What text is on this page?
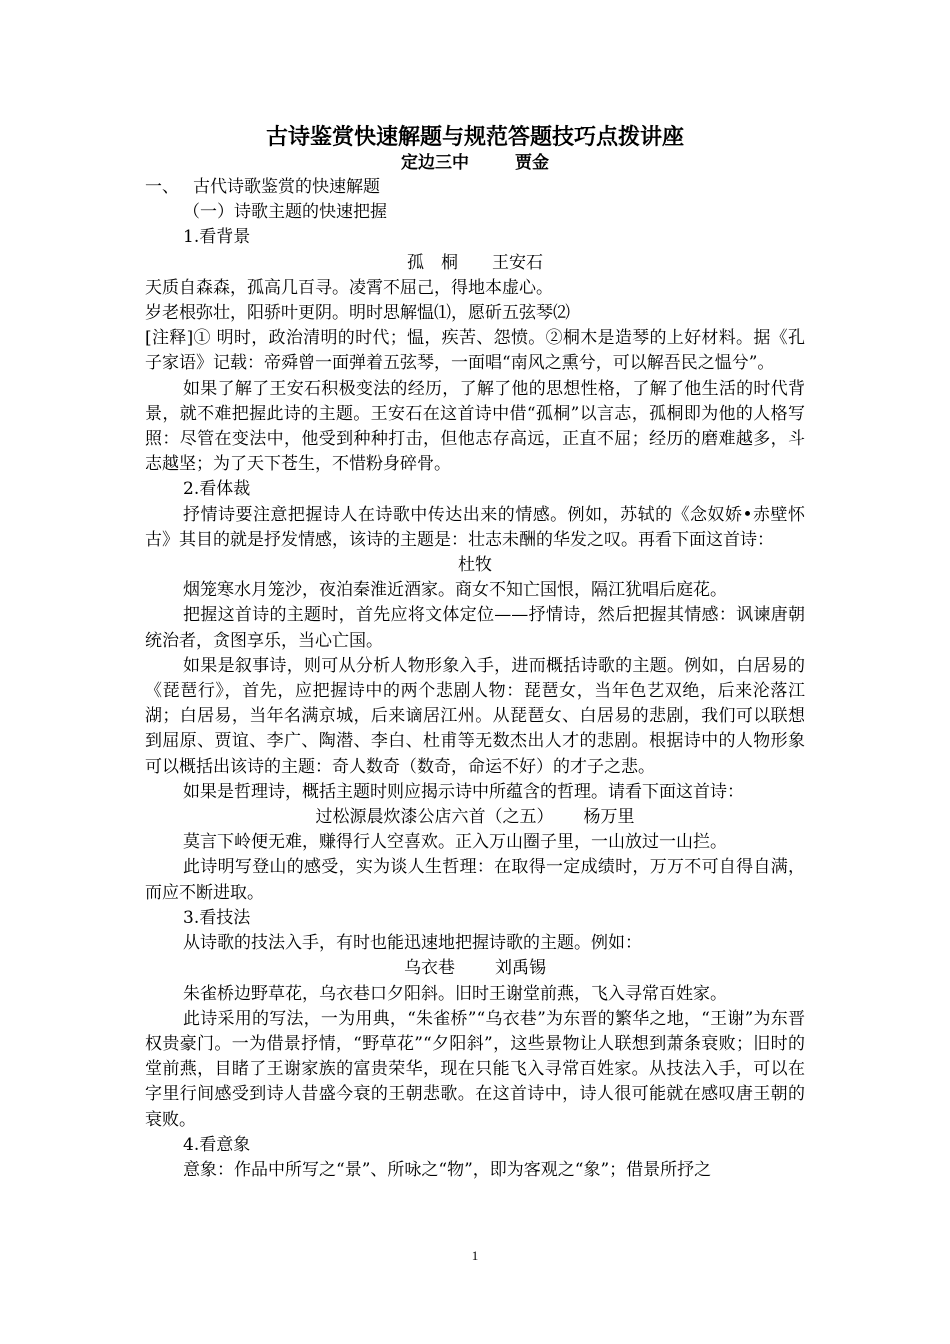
古诗鉴赏快速解题与规范答题技巧点拨讲座
定边三中	贾金

一、 古代诗歌鉴赏的快速解题

（一）诗歌主题的快速把握

1.看背景

孤　桐 王安石

天质自森森，孤高几百寻。凌霄不屈己，得地本虚心。

岁老根弥壮，阳骄叶更阴。明时思解愠⑴，愿斫五弦琴⑵

[注释]① 明时，政治清明的时代；愠，疾苦、怨愤。②桐木是造琴的上好材料。据《孔子家语》记载：帝舜曾一面弹着五弦琴，一面唱“南风之熏兮，可以解吾民之愠兮”。

如果了解了王安石积极变法的经历，了解了他的思想性格，了解了他生活的时代背景，就不难把握此诗的主题。王安石在这首诗中借“孤桐”以言志，孤桐即为他的人格写照：尽管在变法中，他受到种种打击，但他志存高远，正直不屈；经历的磨难越多，斗志越坚；为了天下苍生，不惜粉身碎骨。

2.看体裁

抒情诗要注意把握诗人在诗歌中传达出来的情感。例如，苏轼的《念奴娇•赤壁怀古》其目的就是抒发情感，该诗的主题是：壮志未酬的华发之叹。再看下面这首诗：

杜牧

烟笼寒水月笼沙，夜泊秦淮近酒家。商女不知亡国恨，隔江犹唱后庭花。

把握这首诗的主题时，首先应将文体定位——抒情诗，然后把握其情感：讽谏唐朝统治者，贪图享乐，当心亡国。

如果是叙事诗，则可从分析人物形象入手，进而概括诗歌的主题。例如，白居易的《琵琶行》，首先，应把握诗中的两个悲剧人物：琵琶女，当年色艺双绝，后来沦落江湖；白居易，当年名满京城，后来谪居江州。从琵琶女、白居易的悲剧，我们可以联想到屈原、贾谊、李广、陶潜、李白、杜甫等无数杰出人才的悲剧。根据诗中的人物形象可以概括出该诗的主题：奇人数奇（数奇，命运不好）的才子之悲。

如果是哲理诗，概括主题时则应揭示诗中所蕴含的哲理。请看下面这首诗：

过松源晨炊漆公店六首（之五） 杨万里

莫言下岭便无难，赚得行人空喜欢。正入万山圈子里，一山放过一山拦。

此诗明写登山的感受，实为谈人生哲理：在取得一定成绩时，万万不可自得自满，而应不断进取。

3.看技法

从诗歌的技法入手，有时也能迅速地把握诗歌的主题。例如：

乌衣巷 刘禹锡

朱雀桥边野草花，乌衣巷口夕阳斜。旧时王谢堂前燕，飞入寻常百姓家。

此诗采用的写法，一为用典，“朱雀桥”“乌衣巷”为东晋的繁华之地，“王谢”为东晋权贵豪门。一为借景抒情，“野草花”“夕阳斜”，这些景物让人联想到萧条衰败；旧时的堂前燕，目睹了王谢家族的富贵荣华，现在只能飞入寻常百姓家。从技法入手，可以在字里行间感受到诗人昔盛今衰的王朝悲歌。在这首诗中，诗人很可能就在感叹唐王朝的衰败。

4.看意象

意象：作品中所写之“景”、所咏之“物”，即为客观之“象”；借景所抒之

1
